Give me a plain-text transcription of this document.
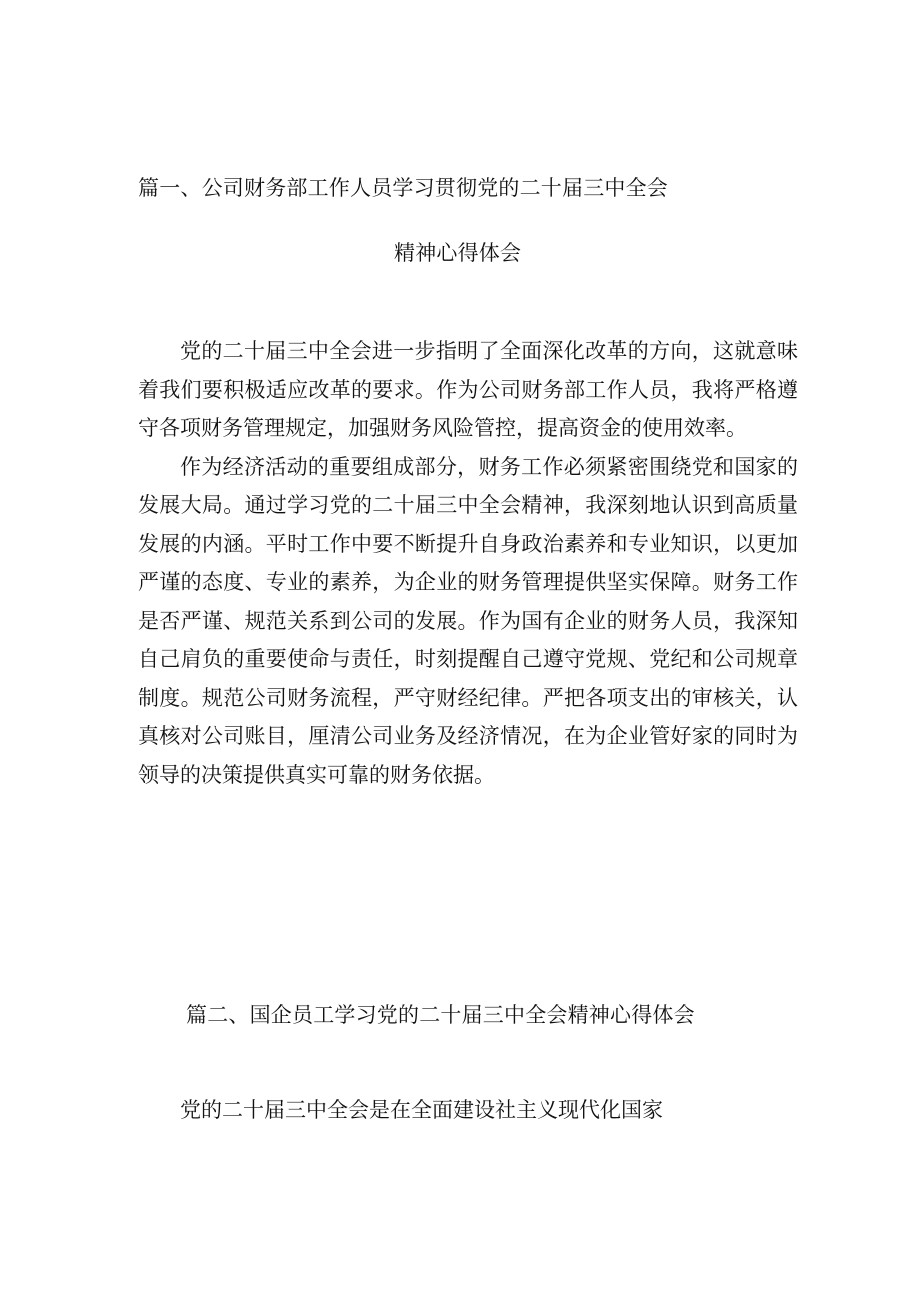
篇一、公司财务部工作人员学习贯彻党的二十届三中全会
精神心得体会

党的二十届三中全会进一步指明了全面深化改革的方向，这就意味着我们要积极适应改革的要求。作为公司财务部工作人员，我将严格遵守各项财务管理规定，加强财务风险管控，提高资金的使用效率。

作为经济活动的重要组成部分，财务工作必须紧密围绕党和国家的发展大局。通过学习党的二十届三中全会精神，我深刻地认识到高质量发展的内涵。平时工作中要不断提升自身政治素养和专业知识，以更加严谨的态度、专业的素养，为企业的财务管理提供坚实保障。财务工作是否严谨、规范关系到公司的发展。作为国有企业的财务人员，我深知自己肩负的重要使命与责任，时刻提醒自己遵守党规、党纪和公司规章制度。规范公司财务流程，严守财经纪律。严把各项支出的审核关，认真核对公司账目，厘清公司业务及经济情况，在为企业管好家的同时为领导的决策提供真实可靠的财务依据。

篇二、国企员工学习党的二十届三中全会精神心得体会

党的二十届三中全会是在全面建设社主义现代化国家
